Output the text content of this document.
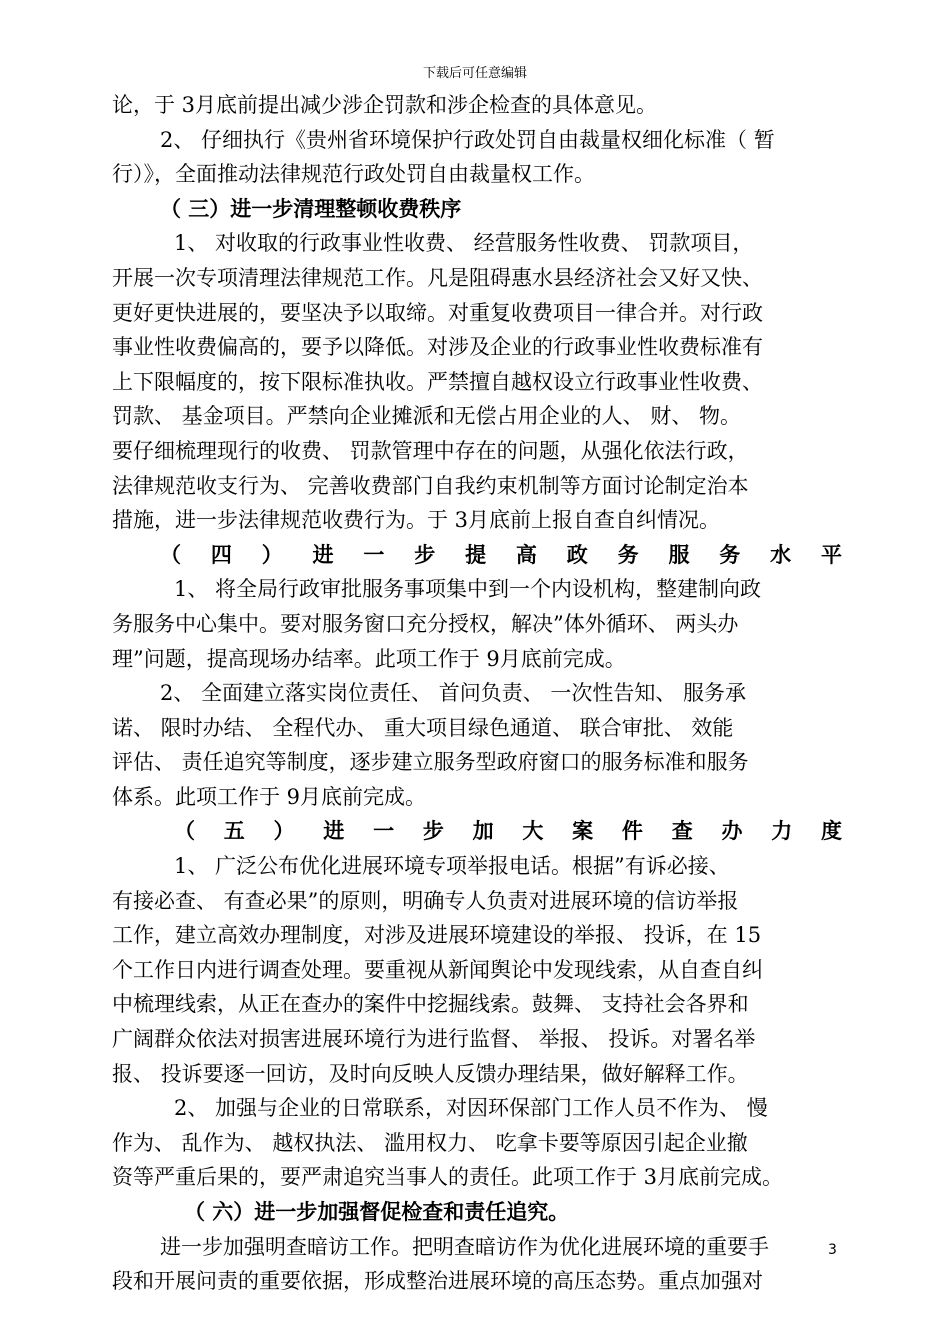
下载后可任意编辑
论，于 3月底前提出减少涉企罚款和涉企检查的具体意见。
2、 仔细执行《贵州省环境保护行政处罚自由裁量权细化标准（ 暂
行）》，全面推动法律规范行政处罚自由裁量权工作。
（ 三）进一步清理整顿收费秩序
1、 对收取的行政事业性收费、 经营服务性收费、 罚款项目，
开展一次专项清理法律规范工作。凡是阻碍惠水县经济社会又好又快、
更好更快进展的，要坚决予以取缔。对重复收费项目一律合并。对行政
事业性收费偏高的，要予以降低。对涉及企业的行政事业性收费标准有
上下限幅度的，按下限标准执收。严禁擅自越权设立行政事业性收费、
罚款、 基金项目。严禁向企业摊派和无偿占用企业的人、 财、 物。
要仔细梳理现行的收费、 罚款管理中存在的问题，从强化依法行政，
法律规范收支行为、 完善收费部门自我约束机制等方面讨论制定治本
措施，进一步法律规范收费行为。于 3月底前上报自查自纠情况。
（ 四 ） 进 一 步 提 高 政 务 服 务 水 平
1、 将全局行政审批服务事项集中到一个内设机构，整建制向政
务服务中心集中。要对服务窗口充分授权，解决”体外循环、 两头办
理”问题，提高现场办结率。此项工作于 9月底前完成。
2、 全面建立落实岗位责任、 首问负责、 一次性告知、 服务承
诺、 限时办结、 全程代办、 重大项目绿色通道、 联合审批、 效能
评估、 责任追究等制度，逐步建立服务型政府窗口的服务标准和服务
体系。此项工作于 9月底前完成。
（ 五 ） 进 一 步 加 大 案 件 查 办 力 度
1、 广泛公布优化进展环境专项举报电话。根据”有诉必接、
有接必查、 有查必果”的原则，明确专人负责对进展环境的信访举报
工作，建立高效办理制度，对涉及进展环境建设的举报、 投诉，在 15
个工作日内进行调查处理。要重视从新闻舆论中发现线索，从自查自纠
中梳理线索，从正在查办的案件中挖掘线索。鼓舞、 支持社会各界和
广阔群众依法对损害进展环境行为进行监督、 举报、 投诉。对署名举
报、 投诉要逐一回访，及时向反映人反馈办理结果，做好解释工作。
2、 加强与企业的日常联系，对因环保部门工作人员不作为、 慢
作为、 乱作为、 越权执法、 滥用权力、 吃拿卡要等原因引起企业撤
资等严重后果的，要严肃追究当事人的责任。此项工作于 3月底前完成。
（ 六）进一步加强督促检查和责任追究。
进一步加强明查暗访工作。把明查暗访作为优化进展环境的重要手
段和开展问责的重要依据，形成整治进展环境的高压态势。重点加强对
3
